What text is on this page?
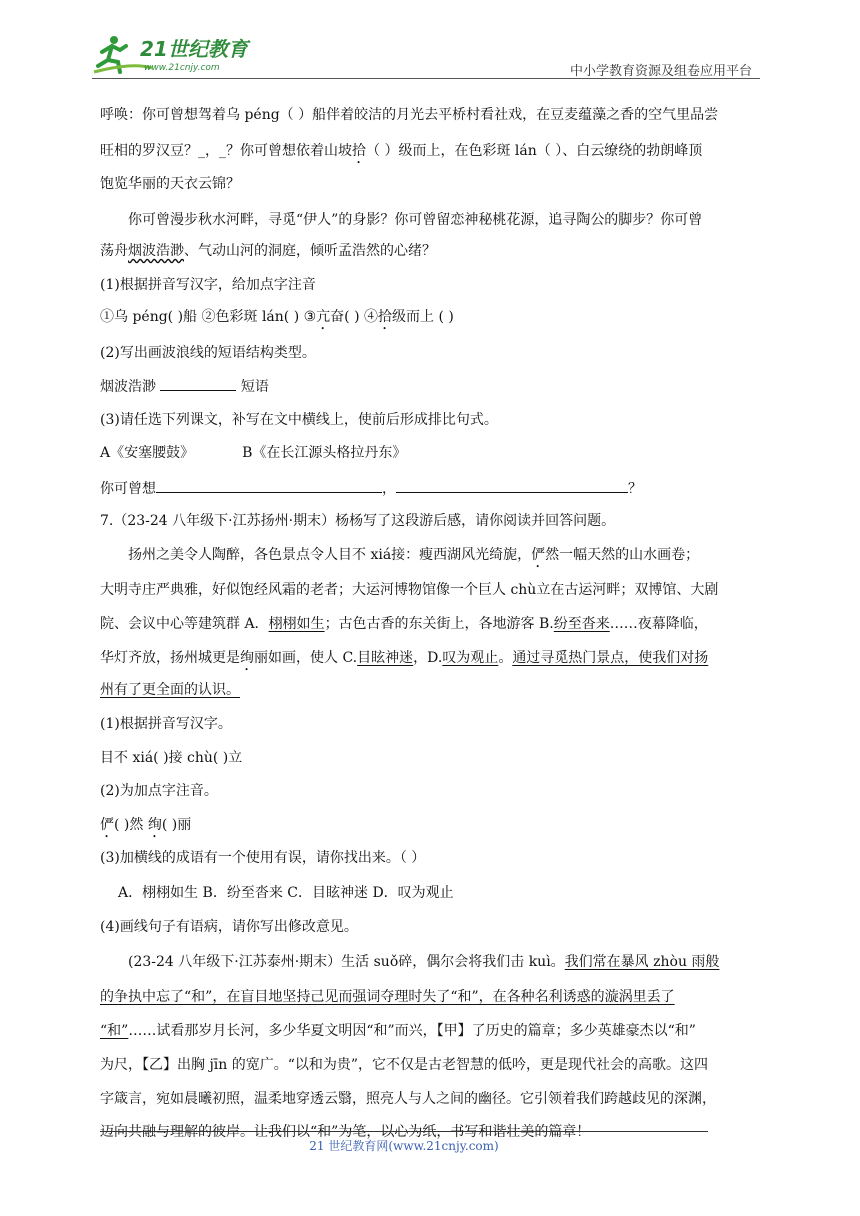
21世纪教育
www.21cnjy.com	中小学教育资源及组卷应用平台
呼唤：你可曾想驾着乌 péng（ ）船伴着皎洁的月光去平桥村看社戏，在豆麦蕴藻之香的空气里品尝
旺相的罗汉豆？_，_？你可曾想依着山坡拾（ ）级而上，在色彩斑 lán（ ）、白云缭绕的勃朗峰顶
饱览华丽的天衣云锦？
你可曾漫步秋水河畔，寻觅“伊人”的身影？你可曾留恋神秘桃花源，追寻陶公的脚步？你可曾
荡舟烟波浩渺、气动山河的洞庭，倾听孟浩然的心绪？
(1)根据拼音写汉字，给加点字注音
①乌 péng( )船 ②色彩斑 lán( ) ③亢奋( ) ④拾级而上 ( )
(2)写出画波浪线的短语结构类型。
烟波浩渺	短语
(3)请任选下列课文，补写在文中横线上，使前后形成排比句式。
A《安塞腰鼓》	B《在长江源头格拉丹东》
你可曾想	，	？
7.（23-24 八年级下·江苏扬州·期末）杨杨写了这段游后感，请你阅读并回答问题。
扬州之美令人陶醉，各色景点令人目不 xiá接：瘦西湖风光绮旎，俨然一幅天然的山水画卷；
大明寺庄严典雅，好似饱经风霜的老者；大运河博物馆像一个巨人 chù立在古运河畔；双博馆、大剧
院、会议中心等建筑群 A．栩栩如生；古色古香的东关街上，各地游客 B.纷至沓来……夜幕降临，
华灯齐放，扬州城更是绚丽如画，使人 C.目眩神迷，D.叹为观止。通过寻觅热门景点，使我们对扬
州有了更全面的认识。
(1)根据拼音写汉字。
目不 xiá( )接 chù( )立
(2)为加点字注音。
俨( )然 绚( )丽
(3)加横线的成语有一个使用有误，请你找出来。（ ）
A．栩栩如生 B．纷至沓来 C．目眩神迷 D．叹为观止
(4)画线句子有语病，请你写出修改意见。
(23-24 八年级下·江苏泰州·期末）生活 suǒ碎，偶尔会将我们击 kuì。我们常在暴风 zhòu 雨般
的争执中忘了“和”，在盲目地坚持己见而强词夺理时失了“和”，在各种名利诱惑的漩涡里丢了
“和”……试看那岁月长河，多少华夏文明因“和”而兴，【甲】了历史的篇章；多少英雄豪杰以“和”
为尺，【乙】出胸 jīn 的宽广。“以和为贵”，它不仅是古老智慧的低吟，更是现代社会的高歌。这四
字箴言，宛如晨曦初照，温柔地穿透云翳，照亮人与人之间的幽径。它引领着我们跨越歧见的深渊，
迈向共融与理解的彼岸。让我们以“和”为笔，以心为纸，书写和谐壮美的篇章！
21 世纪教育网(www.21cnjy.com)
